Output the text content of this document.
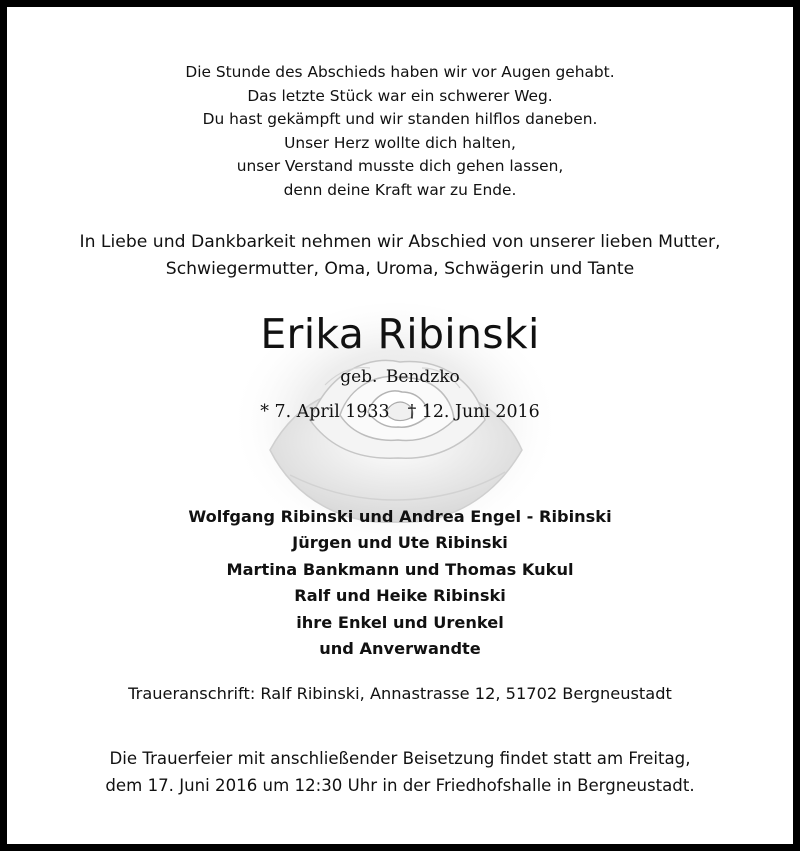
Die Stunde des Abschieds haben wir vor Augen gehabt.
Das letzte Stück war ein schwerer Weg.
Du hast gekämpft und wir standen hilflos daneben.
Unser Herz wollte dich halten,
unser Verstand musste dich gehen lassen,
denn deine Kraft war zu Ende.
In Liebe und Dankbarkeit nehmen wir Abschied von unserer lieben Mutter,
Schwiegermutter, Oma, Uroma, Schwägerin und Tante
Erika Ribinski
geb. Bendzko
* 7. April 1933 † 12. Juni 2016
Wolfgang Ribinski und Andrea Engel - Ribinski
Jürgen und Ute Ribinski
Martina Bankmann und Thomas Kukul
Ralf und Heike Ribinski
ihre Enkel und Urenkel
und Anverwandte
Traueranschrift: Ralf Ribinski, Annastrasse 12, 51702 Bergneustadt
Die Trauerfeier mit anschließender Beisetzung findet statt am Freitag,
dem 17. Juni 2016 um 12:30 Uhr in der Friedhofshalle in Bergneustadt.
